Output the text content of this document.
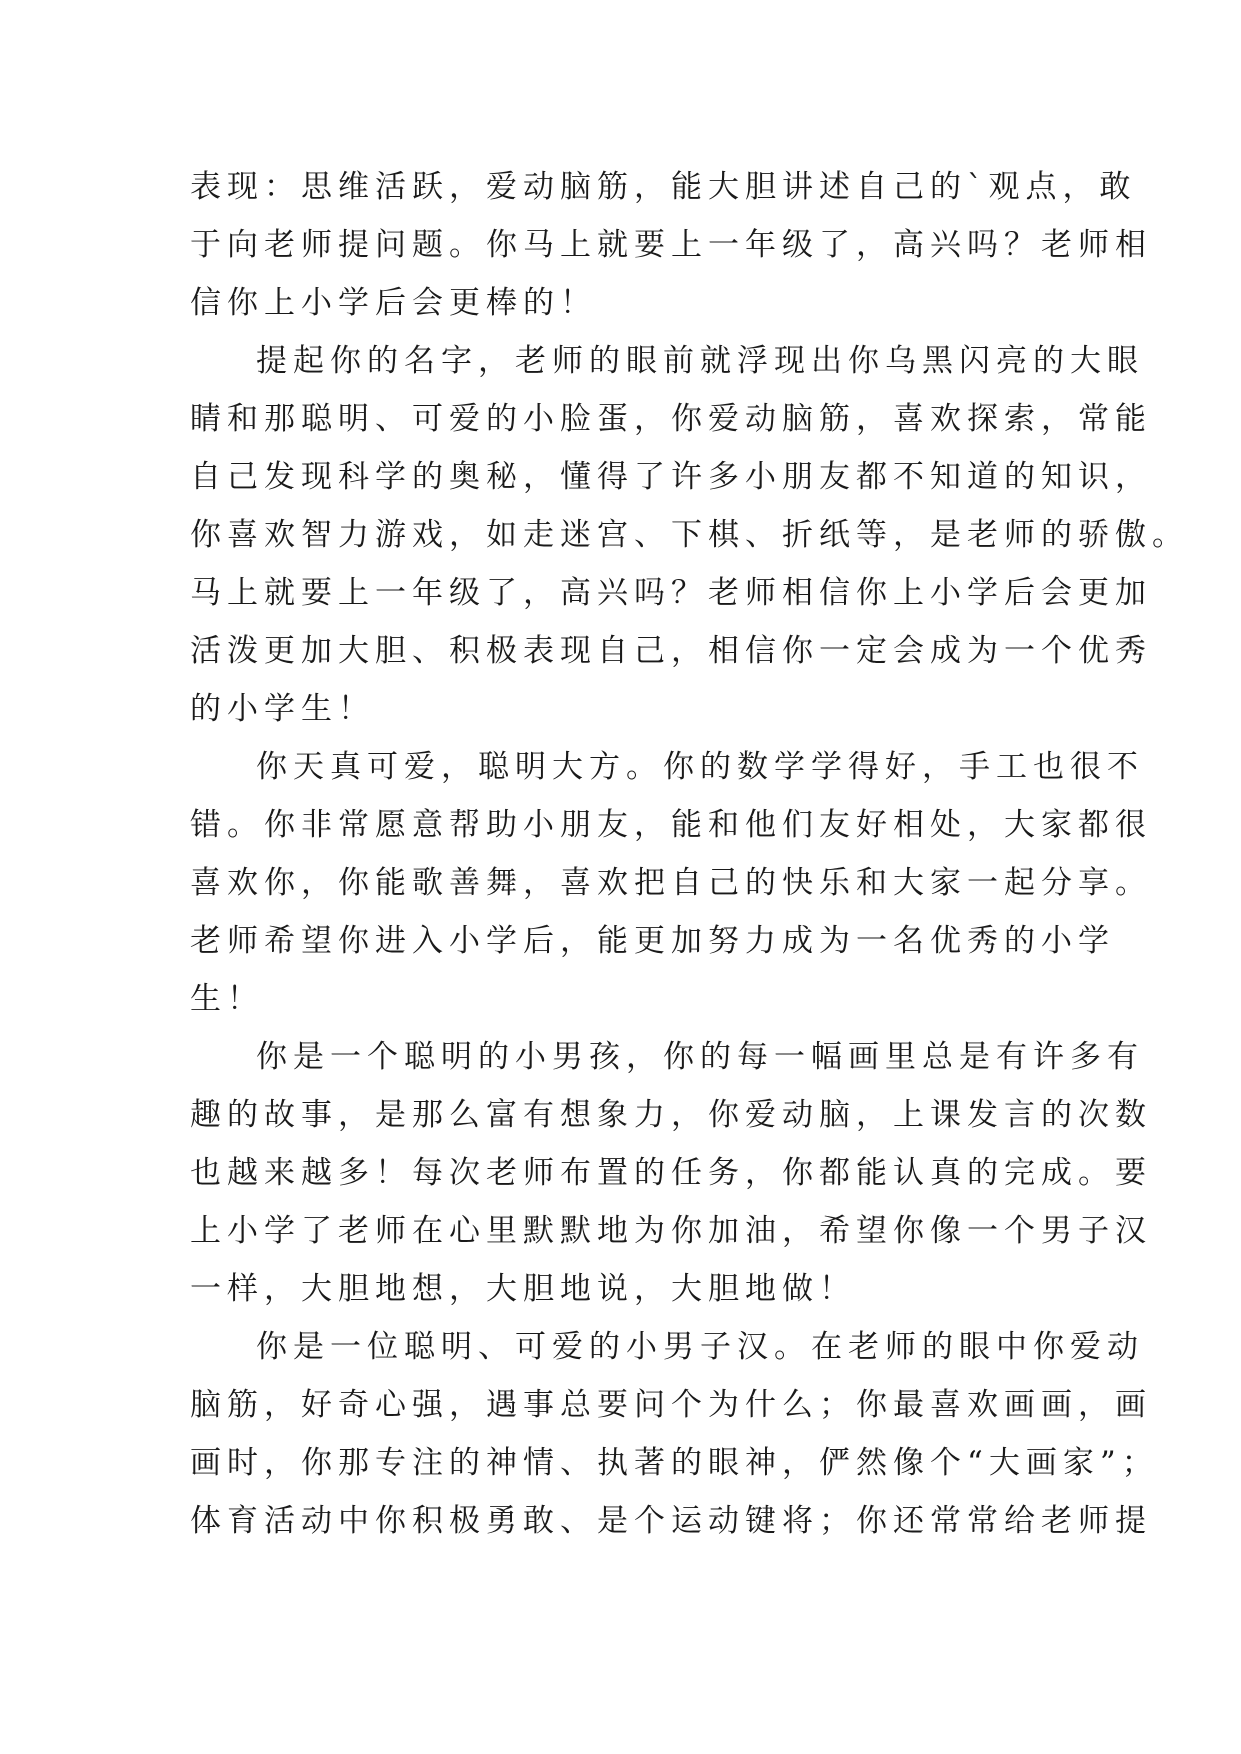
表现：思维活跃，爱动脑筋，能大胆讲述自己的`观点，敢
于向老师提问题。你马上就要上一年级了，高兴吗？老师相
信你上小学后会更棒的！
提起你的名字，老师的眼前就浮现出你乌黑闪亮的大眼
睛和那聪明、可爱的小脸蛋，你爱动脑筋，喜欢探索，常能
自己发现科学的奥秘，懂得了许多小朋友都不知道的知识，
你喜欢智力游戏，如走迷宫、下棋、折纸等，是老师的骄傲。
马上就要上一年级了，高兴吗？老师相信你上小学后会更加
活泼更加大胆、积极表现自己，相信你一定会成为一个优秀
的小学生！
你天真可爱，聪明大方。你的数学学得好，手工也很不
错。你非常愿意帮助小朋友，能和他们友好相处，大家都很
喜欢你，你能歌善舞，喜欢把自己的快乐和大家一起分享。
老师希望你进入小学后，能更加努力成为一名优秀的小学
生！
你是一个聪明的小男孩，你的每一幅画里总是有许多有
趣的故事，是那么富有想象力，你爱动脑，上课发言的次数
也越来越多！每次老师布置的任务，你都能认真的完成。要
上小学了老师在心里默默地为你加油，希望你像一个男子汉
一样，大胆地想，大胆地说，大胆地做！
你是一位聪明、可爱的小男子汉。在老师的眼中你爱动
脑筋，好奇心强，遇事总要问个为什么；你最喜欢画画，画
画时，你那专注的神情、执著的眼神，俨然像个“大画家”；
体育活动中你积极勇敢、是个运动键将；你还常常给老师提
